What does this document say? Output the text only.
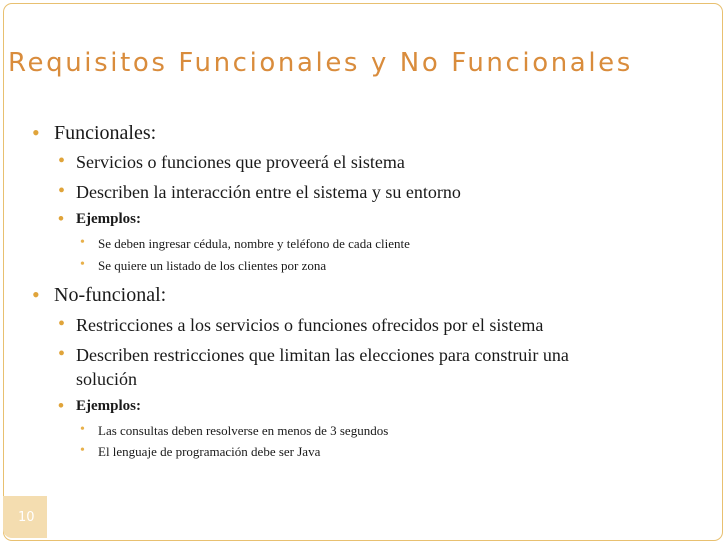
Requisitos Funcionales y No Funcionales
• Funcionales:
• Servicios o funciones que proveerá el sistema
• Describen la interacción entre el sistema y su entorno
• Ejemplos:
• Se deben ingresar cédula, nombre y teléfono de cada cliente
• Se quiere un listado de los clientes por zona
• No-funcional:
• Restricciones a los servicios o funciones ofrecidos por el sistema
• Describen restricciones que limitan las elecciones para construir una
solución
• Ejemplos:
• Las consultas deben resolverse en menos de 3 segundos
• El lenguaje de programación debe ser Java
10
